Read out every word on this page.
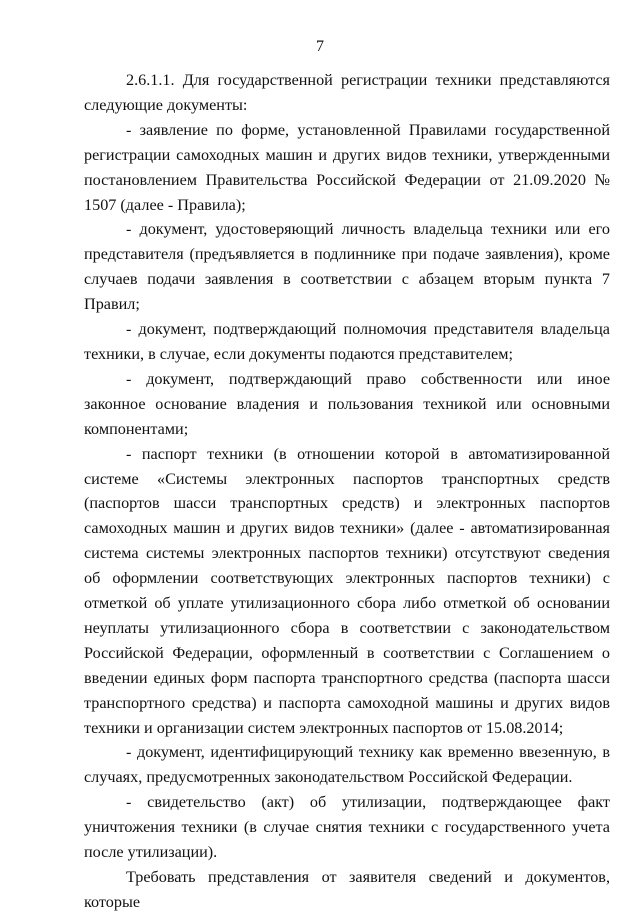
7

2.6.1.1. Для государственной регистрации техники представляются следующие документы:

- заявление по форме, установленной Правилами государственной регистрации самоходных машин и других видов техники, утвержденными постановлением Правительства Российской Федерации от 21.09.2020 № 1507 (далее - Правила);

- документ, удостоверяющий личность владельца техники или его представителя (предъявляется в подлиннике при подаче заявления), кроме случаев подачи заявления в соответствии с абзацем вторым пункта 7 Правил;

- документ, подтверждающий полномочия представителя владельца техники, в случае, если документы подаются представителем;

- документ, подтверждающий право собственности или иное законное основание владения и пользования техникой или основными компонентами;

- паспорт техники (в отношении которой в автоматизированной системе «Системы электронных паспортов транспортных средств (паспортов шасси транспортных средств) и электронных паспортов самоходных машин и других видов техники» (далее - автоматизированная система системы электронных паспортов техники) отсутствуют сведения об оформлении соответствующих электронных паспортов техники) с отметкой об уплате утилизационного сбора либо отметкой об основании неуплаты утилизационного сбора в соответствии с законодательством Российской Федерации, оформленный в соответствии с Соглашением о введении единых форм паспорта транспортного средства (паспорта шасси транспортного средства) и паспорта самоходной машины и других видов техники и организации систем электронных паспортов от 15.08.2014;

- документ, идентифицирующий технику как временно ввезенную, в случаях, предусмотренных законодательством Российской Федерации.

- свидетельство (акт) об утилизации, подтверждающее факт уничтожения техники (в случае снятия техники с государственного учета после утилизации).

Требовать представления от заявителя сведений и документов, которые
